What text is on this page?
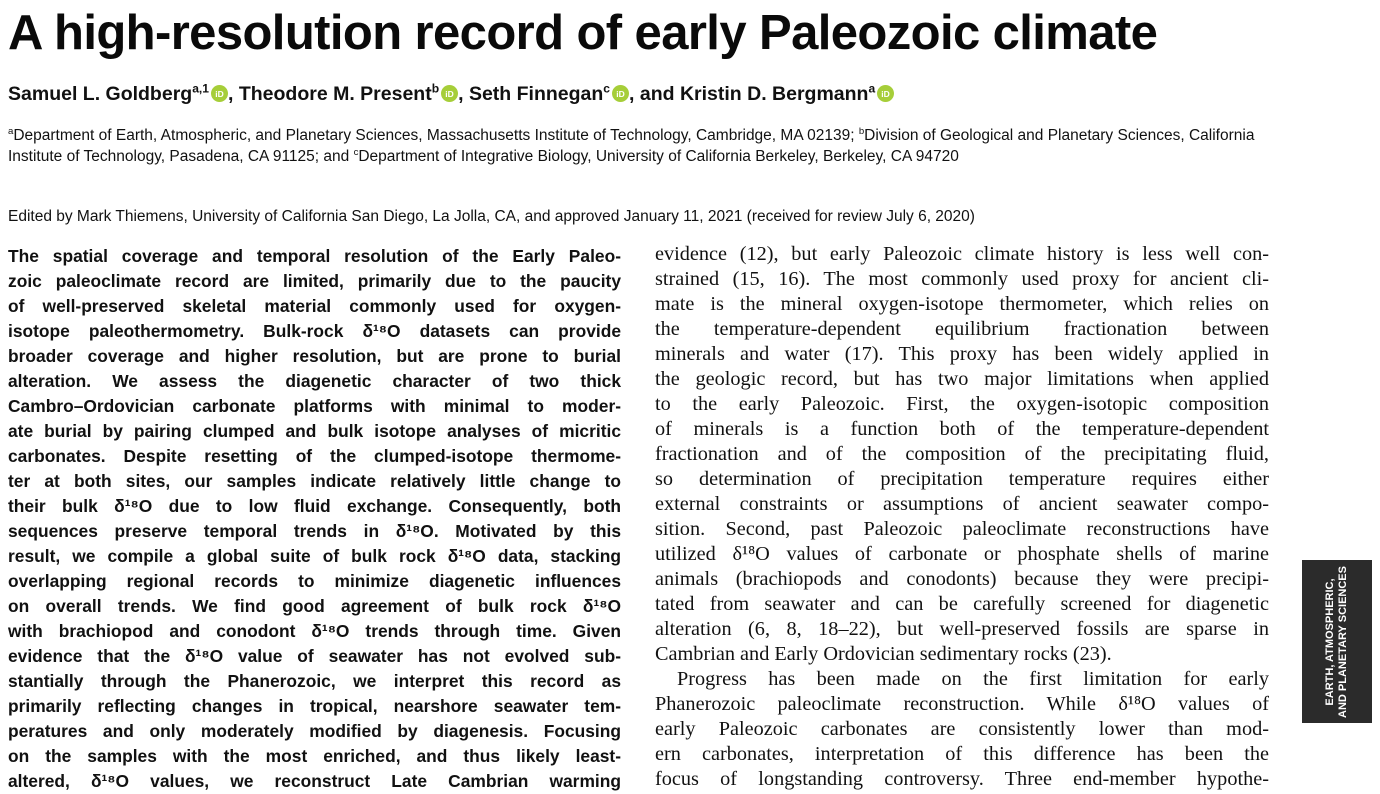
A high-resolution record of early Paleozoic climate
Samuel L. Goldberg$^{a,1}$ iD , Theodore M. Present$^b$ iD , Seth Finnegan$^c$ iD , and Kristin D. Bergmann$^a$ iD
$^a$Department of Earth, Atmospheric, and Planetary Sciences, Massachusetts Institute of Technology, Cambridge, MA 02139; $^b$Division of Geological and Planetary Sciences, California Institute of Technology, Pasadena, CA 91125; and $^c$Department of Integrative Biology, University of California Berkeley, Berkeley, CA 94720
Edited by Mark Thiemens, University of California San Diego, La Jolla, CA, and approved January 11, 2021 (received for review July 6, 2020)
The spatial coverage and temporal resolution of the Early Paleo-
zoic paleoclimate record are limited, primarily due to the paucity
of well-preserved skeletal material commonly used for oxygen-
isotope paleothermometry. Bulk-rock δ¹⁸O datasets can provide
broader coverage and higher resolution, but are prone to burial
alteration. We assess the diagenetic character of two thick
Cambro–Ordovician carbonate platforms with minimal to moder-
ate burial by pairing clumped and bulk isotope analyses of micritic
carbonates. Despite resetting of the clumped-isotope thermome-
ter at both sites, our samples indicate relatively little change to
their bulk δ¹⁸O due to low fluid exchange. Consequently, both
sequences preserve temporal trends in δ¹⁸O. Motivated by this
result, we compile a global suite of bulk rock δ¹⁸O data, stacking
overlapping regional records to minimize diagenetic influences
on overall trends. We find good agreement of bulk rock δ¹⁸O
with brachiopod and conodont δ¹⁸O trends through time. Given
evidence that the δ¹⁸O value of seawater has not evolved sub-
stantially through the Phanerozoic, we interpret this record as
primarily reflecting changes in tropical, nearshore seawater tem-
peratures and only moderately modified by diagenesis. Focusing
on the samples with the most enriched, and thus likely least-
altered, δ¹⁸O values, we reconstruct Late Cambrian warming
evidence (12), but early Paleozoic climate history is less well con-
strained (15, 16). The most commonly used proxy for ancient cli-
mate is the mineral oxygen-isotope thermometer, which relies on
the temperature-dependent equilibrium fractionation between
minerals and water (17). This proxy has been widely applied in
the geologic record, but has two major limitations when applied
to the early Paleozoic. First, the oxygen-isotopic composition
of minerals is a function both of the temperature-dependent
fractionation and of the composition of the precipitating fluid,
so determination of precipitation temperature requires either
external constraints or assumptions of ancient seawater compo-
sition. Second, past Paleozoic paleoclimate reconstructions have
utilized δ¹⁸O values of carbonate or phosphate shells of marine
animals (brachiopods and conodonts) because they were precipi-
tated from seawater and can be carefully screened for diagenetic
alteration (6, 8, 18–22), but well-preserved fossils are sparse in
Cambrian and Early Ordovician sedimentary rocks (23).
Progress has been made on the first limitation for early
Phanerozoic paleoclimate reconstruction. While δ¹⁸O values of
early Paleozoic carbonates are consistently lower than mod-
ern carbonates, interpretation of this difference has been the
focus of longstanding controversy. Three end-member hypothe-
EARTH, ATMOSPHERIC, AND PLANETARY SCIENCES
